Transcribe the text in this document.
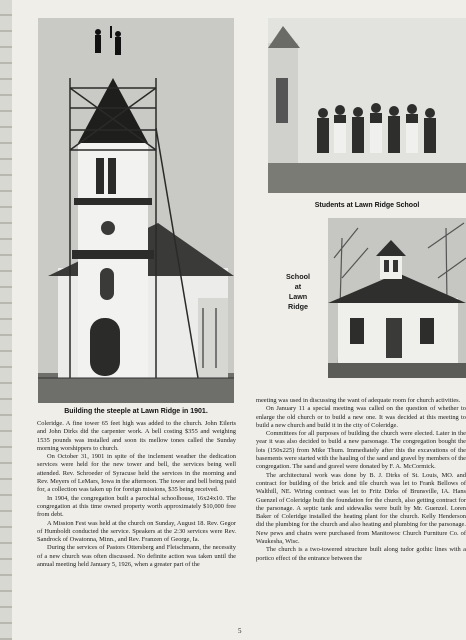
Building the steeple at Lawn Ridge in 1901.
Students at Lawn Ridge School
School
at
Lawn
Ridge

Coleridge. A fine tower 65 feet high was added to the church. John Eilerts and John Dirks did the carpenter work. A bell costing $355 and weighing 1535 pounds was installed and soon its mellow tones called the Sunday morning worshippers to church.

On October 31, 1901 in spite of the inclement weather the dedication services were held for the new tower and bell, the services being well attended. Rev. Schroeder of Syracuse held the services in the morning and Rev. Meyers of LeMars, Iowa in the afternoon. The tower and bell being paid for, a collection was taken up for foreign missions, $35 being received.

In 1904, the congregation built a parochial schoolhouse, 16x24x10. The congregation at this time owned property worth approximately $10,000 free from debt.

A Mission Fest was held at the church on Sunday, August 18. Rev. Gegor of Humboldt conducted the service. Speakers at the 2:30 services were Rev. Sandrock of Owatonna, Minn., and Rev. Franzen of George, Ia.

During the services of Pastors Ottersberg and Fleischmann, the necessity of a new church was often discussed. No definite action was taken until the annual meeting held January 5, 1926, when a greater part of the

meeting was used in discussing the want of adequate room for church activities.

On January 11 a special meeting was called on the question of whether to enlarge the old church or to build a new one. It was decided at this meeting to build a new church and build it in the city of Coleridge.

Committees for all purposes of building the church were elected. Later in the year it was also decided to build a new parsonage. The congregation bought the lots (150x225) from Mike Thum. Immediately after this the excavations of the basements were started with the hauling of the sand and gravel by members of the congregation. The sand and gravel were donated by F. A. McCormick.

The architectural work was done by B. J. Dirks of St. Louis, MO. and contract for building of the brick and tile church was let to Frank Bellows of Walthill, NE. Wiring contract was let to Fritz Dirks of Brunsville, IA. Hans Guenzel of Coleridge built the foundation for the church, also getting contract for the parsonage. A septic tank and sidewalks were built by Mr. Guenzel. Loren Baker of Coleridge installed the heating plant for the church. Kelly Henderson did the plumbing for the church and also heating and plumbing for the parsonage. New pews and chairs were purchased from Manitowoc Church Furniture Co. of Waukesha, Wisc.

The church is a two-towered structure built along tudor gothic lines with a portico effect of the entrance between the

5
